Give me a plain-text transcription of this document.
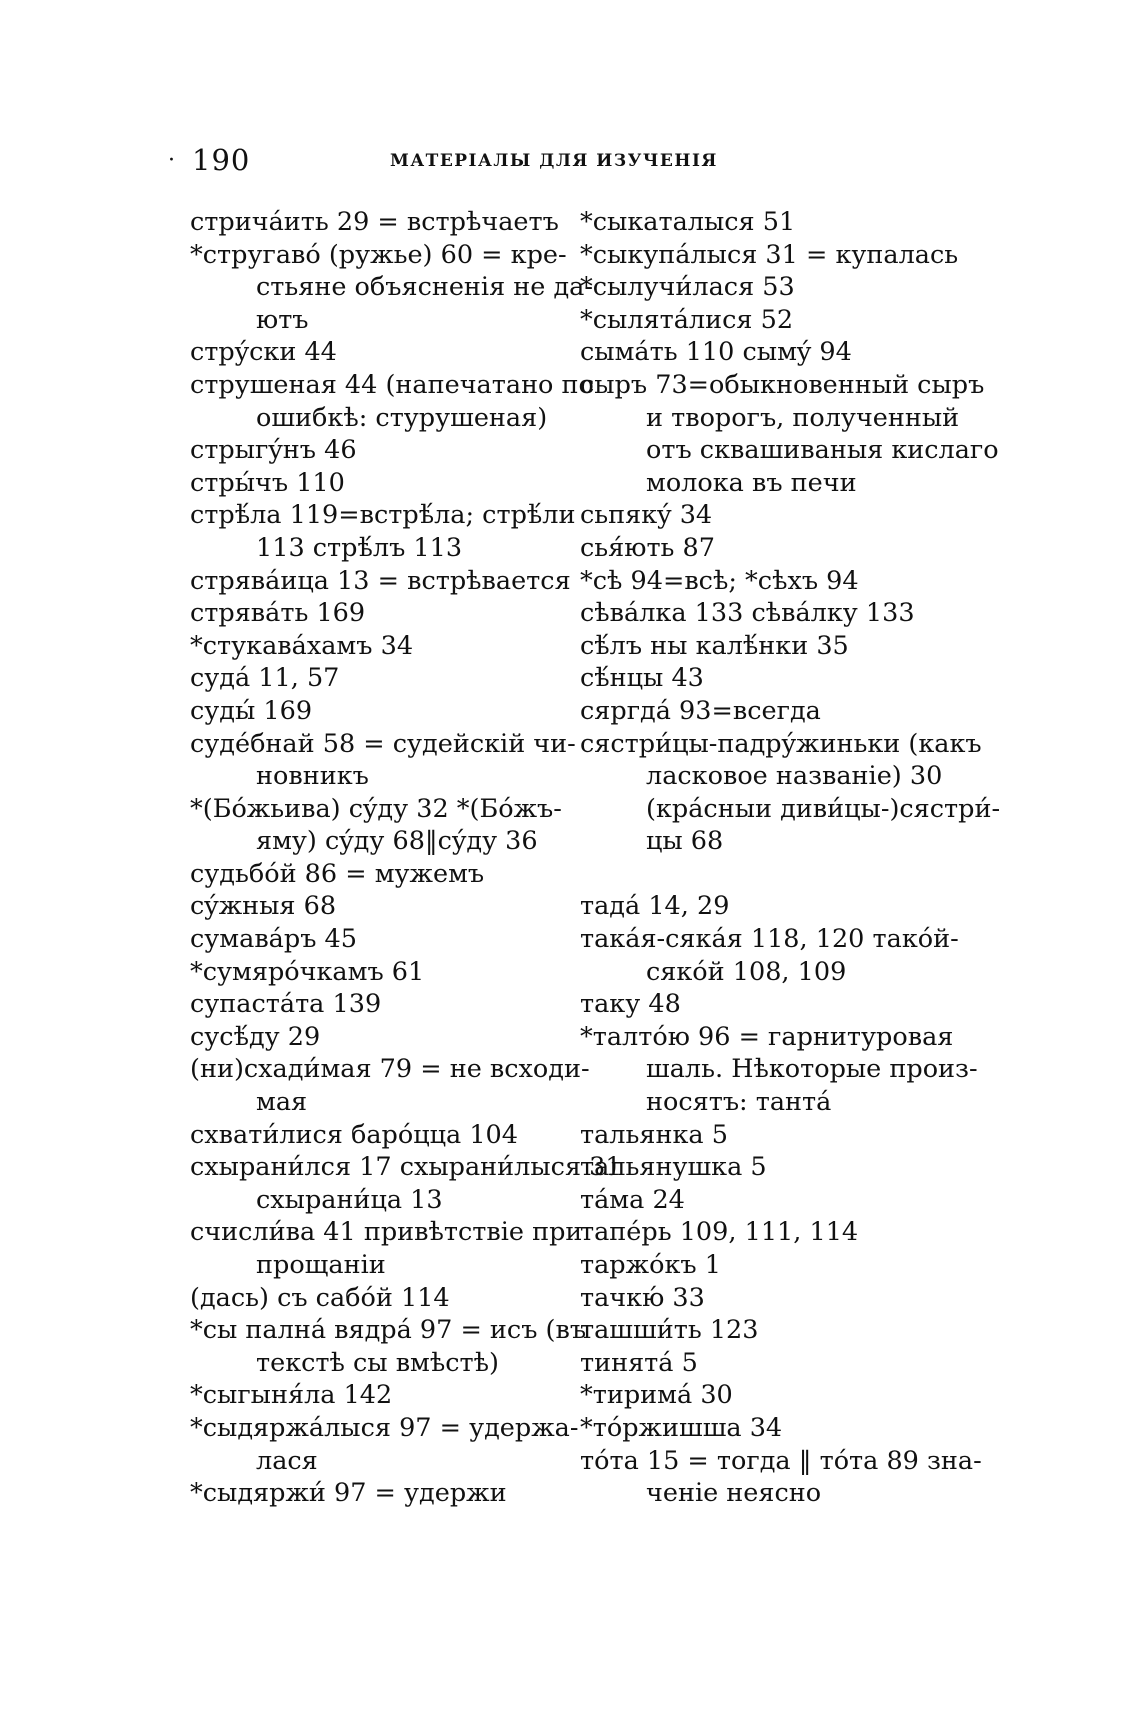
· 190	МАТЕРІАЛЫ ДЛЯ ИЗУЧЕНІЯ
стричáить 29 = встрѣчаетъ
*стругавó (ружье) 60 = кре-
стьяне объясненія не да-
ютъ
стрýски 44
струшеная 44 (напечатано по
ошибкѣ: стурушеная)
стрыгýнъ 46
стры́чъ 110
стрѣ́ла 119=встрѣ́ла; стрѣ́ли
113 стрѣ́лъ 113
стрявáица 13 = встрѣвается
стрявáть 169
*стукавáхамъ 34
судá 11, 57
суды́ 169
судéбнай 58 = судейскій чи-
новникъ
*(Бóжьива) сýду 32 *(Бóжъ-
яму) сýду 68‖сýду 36
судьбóй 86 = мужемъ
сýжныя 68
сумавáръ 45
*сумярóчкамъ 61
супастáта 139
сусѣ́ду 29
(ни)схади́мая 79 = не всходи-
мая
схвати́лися барóцца 104
схырани́лся 17 схырани́лыся 31
схырани́ца 13
счисли́ва 41 привѣтствіе при
прощаніи
(дась) съ сабóй 114
*сы палнá вядрá 97 = исъ (въ
текстѣ сы вмѣстѣ)
*сыгыня́ла 142
*сыдяржáлыся 97 = удержа-
лася
*сыдяржи́ 97 = удержи
*сыкаталыся 51
*сыкупáлыся 31 = купалась
*сылучи́лася 53
*сылятáлися 52
сымáть 110 сымý 94
сыръ 73=обыкновенный сыръ
и творогъ, полученный
отъ сквашиваныя кислаго
молока въ печи
сьпякý 34
сья́ють 87
*сѣ 94=всѣ; *сѣхъ 94
сѣвáлка 133 сѣвáлку 133
сѣ́лъ ны калѣ́нки 35
сѣ́нцы 43
сяргдá 93=всегда
сястри́цы-падрýжиньки (какъ
ласковое названіе) 30
(крáсныи диви́цы-)сястри́-
цы 68
тадá 14, 29
такáя-сякáя 118, 120 такóй-
сякóй 108, 109
таку 48
*талтóю 96 = гарнитуровая
шаль. Нѣкоторые произ-
носятъ: тантá
тальянка 5
тальянушка 5
тáма 24
тапéрь 109, 111, 114
таржóкъ 1
тачкю́ 33
ташши́ть 123
тинятá 5
*тиримá 30
*тóржишша 34
тóта 15 = тогда ‖ тóта 89 зна-
ченіе неясно
